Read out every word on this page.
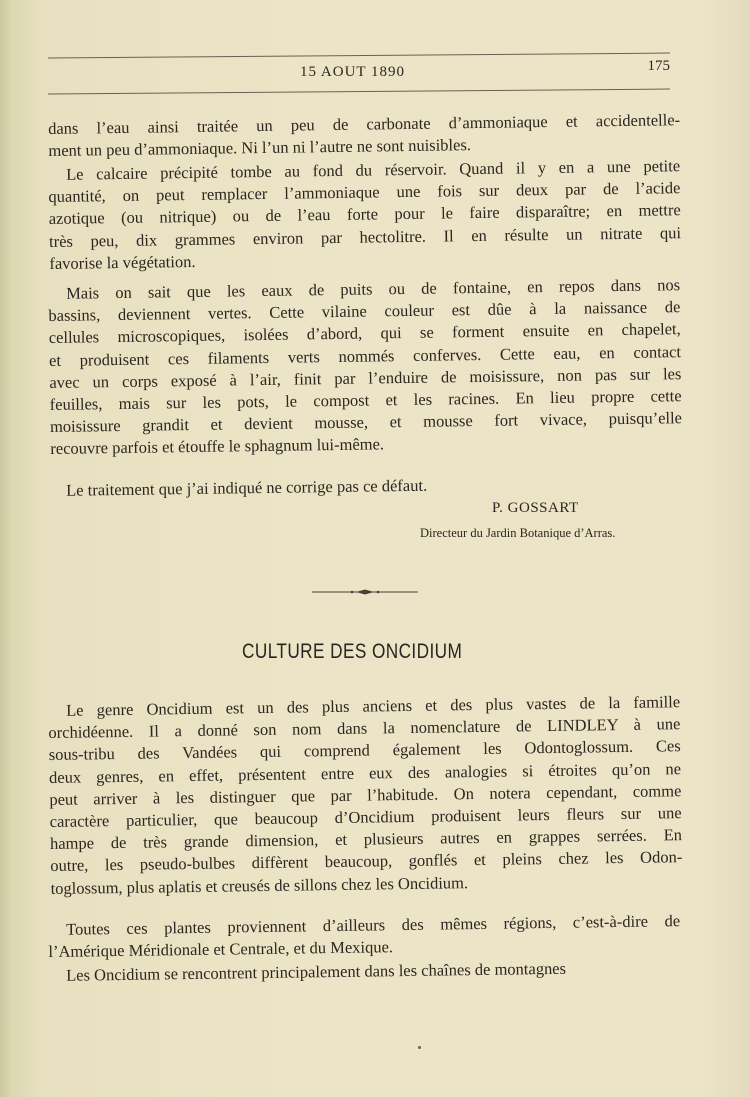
15 AOUT 1890	175

dans l’eau ainsi traitée un peu de carbonate d’ammoniaque et accidentelle-
ment un peu d’ammoniaque. Ni l’un ni l’autre ne sont nuisibles.

Le calcaire précipité tombe au fond du réservoir. Quand il y en a une petite
quantité, on peut remplacer l’ammoniaque une fois sur deux par de l’acide
azotique (ou nitrique) ou de l’eau forte pour le faire disparaître; en mettre
très peu, dix grammes environ par hectolitre. Il en résulte un nitrate qui
favorise la végétation.

Mais on sait que les eaux de puits ou de fontaine, en repos dans nos
bassins, deviennent vertes. Cette vilaine couleur est dûe à la naissance de
cellules microscopiques, isolées d’abord, qui se forment ensuite en chapelet,
et produisent ces filaments verts nommés conferves. Cette eau, en contact
avec un corps exposé à l’air, finit par l’enduire de moisissure, non pas sur les
feuilles, mais sur les pots, le compost et les racines. En lieu propre cette
moisissure grandit et devient mousse, et mousse fort vivace, puisqu’elle
recouvre parfois et étouffe le sphagnum lui-même.

Le traitement que j’ai indiqué ne corrige pas ce défaut.

P. GOSSART
Directeur du Jardin Botanique d’Arras.
CULTURE DES ONCIDIUM

Le genre Oncidium est un des plus anciens et des plus vastes de la famille
orchidéenne. Il a donné son nom dans la nomenclature de LINDLEY à une
sous-tribu des Vandées qui comprend également les Odontoglossum. Ces
deux genres, en effet, présentent entre eux des analogies si étroites qu’on ne
peut arriver à les distinguer que par l’habitude. On notera cependant, comme
caractère particulier, que beaucoup d’Oncidium produisent leurs fleurs sur une
hampe de très grande dimension, et plusieurs autres en grappes serrées. En
outre, les pseudo-bulbes diffèrent beaucoup, gonflés et pleins chez les Odon-
toglossum, plus aplatis et creusés de sillons chez les Oncidium.

Toutes ces plantes proviennent d’ailleurs des mêmes régions, c’est-à-dire de
l’Amérique Méridionale et Centrale, et du Mexique.

Les Oncidium se rencontrent principalement dans les chaînes de montagnes
